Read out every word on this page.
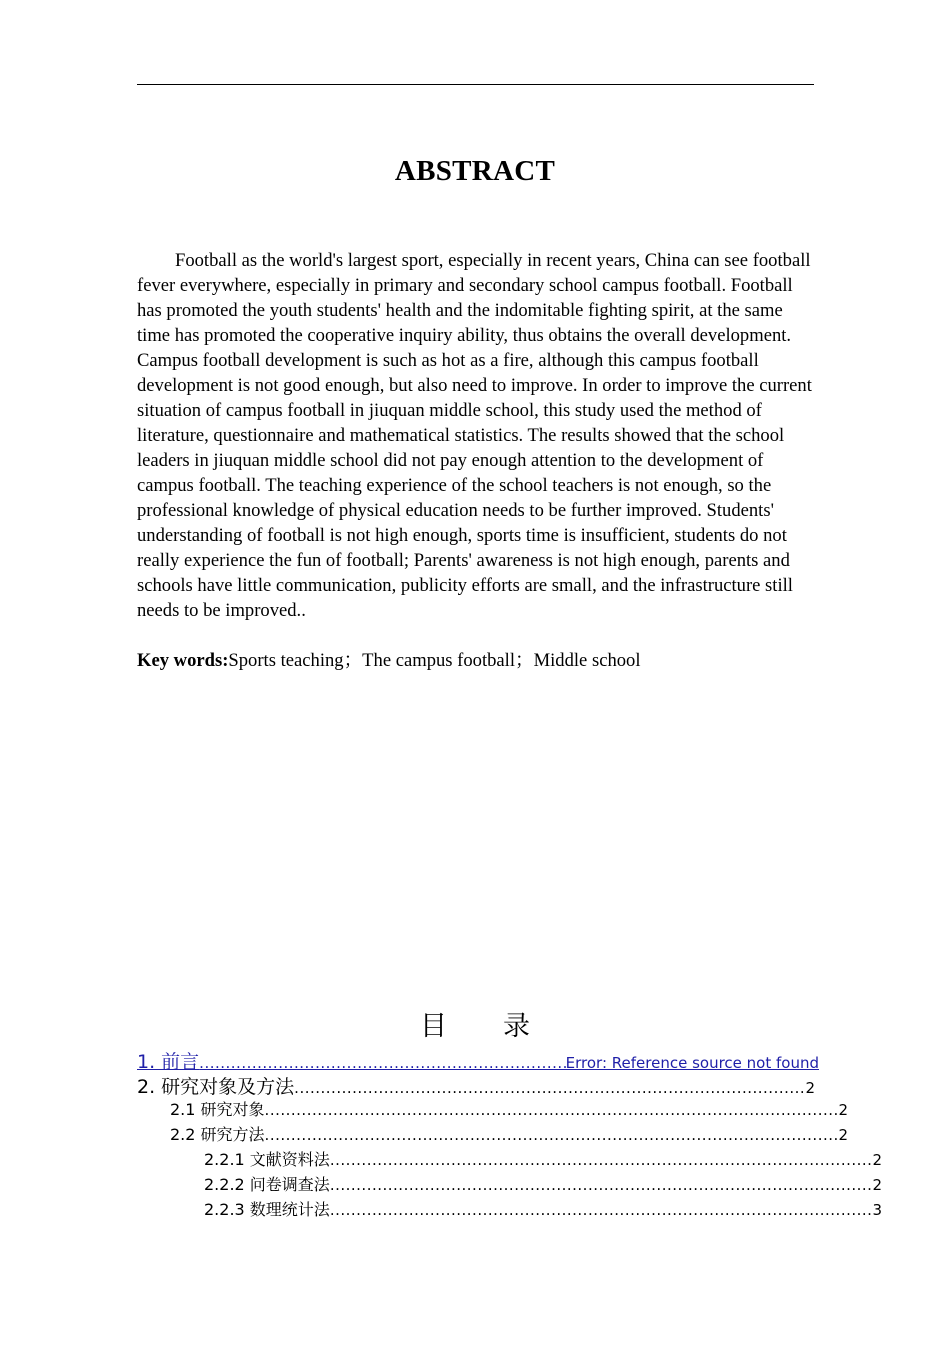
ABSTRACT

Football as the world's largest sport, especially in recent years, China can see football fever everywhere, especially in primary and secondary school campus football. Football has promoted the youth students' health and the indomitable fighting spirit, at the same time has promoted the cooperative inquiry ability, thus obtains the overall development. Campus football development is such as hot as a fire, although this campus football development is not good enough, but also need to improve. In order to improve the current situation of campus football in jiuquan middle school, this study used the method of literature, questionnaire and mathematical statistics. The results showed that the school leaders in jiuquan middle school did not pay enough attention to the development of campus football. The teaching experience of the school teachers is not enough, so the professional knowledge of physical education needs to be further improved. Students' understanding of football is not high enough, sports time is insufficient, students do not really experience the fun of football; Parents' awareness is not high enough, parents and schools have little communication, publicity efforts are small, and the infrastructure still needs to be improved..

Key words:Sports teaching；The campus football；Middle school

目 录
1. 前言 .....	Error: Reference source not found
2. 研究对象及方法 .....	2
2.1 研究对象 .....	2
2.2 研究方法 .....	2
2.2.1 文献资料法 .....	2
2.2.2 问卷调查法 .....	2
2.2.3 数理统计法 .....	3
